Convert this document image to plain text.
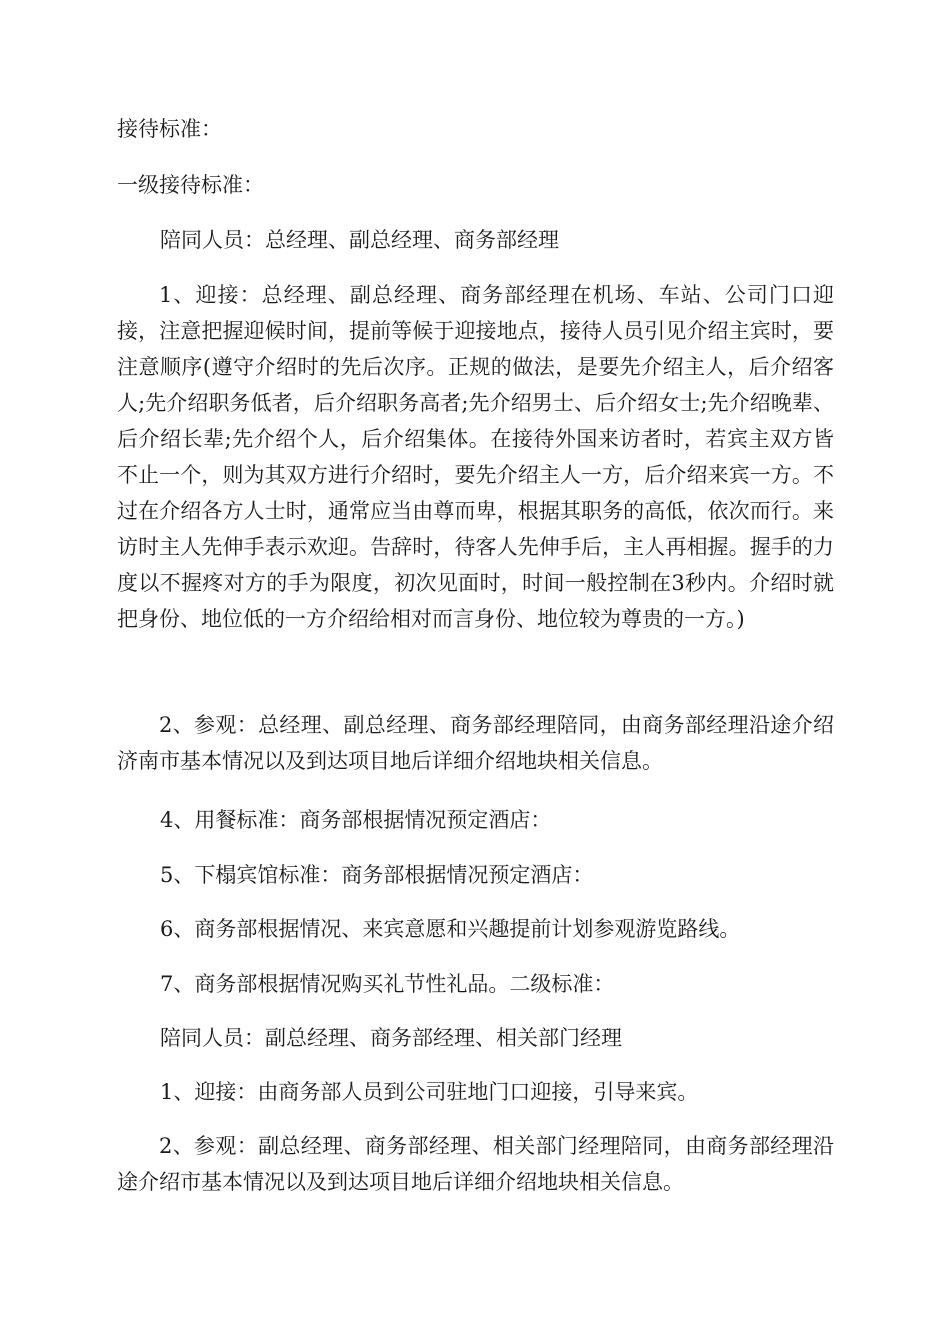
接待标准：

一级接待标准：

陪同人员：总经理、副总经理、商务部经理

1、迎接：总经理、副总经理、商务部经理在机场、车站、公司门口迎接，注意把握迎候时间，提前等候于迎接地点，接待人员引见介绍主宾时，要注意顺序(遵守介绍时的先后次序。正规的做法，是要先介绍主人，后介绍客人;先介绍职务低者，后介绍职务高者;先介绍男士、后介绍女士;先介绍晚辈、后介绍长辈;先介绍个人，后介绍集体。在接待外国来访者时，若宾主双方皆不止一个，则为其双方进行介绍时，要先介绍主人一方，后介绍来宾一方。不过在介绍各方人士时，通常应当由尊而卑，根据其职务的高低，依次而行。来访时主人先伸手表示欢迎。告辞时，待客人先伸手后，主人再相握。握手的力度以不握疼对方的手为限度，初次见面时，时间一般控制在3秒内。介绍时就把身份、地位低的一方介绍给相对而言身份、地位较为尊贵的一方。)

2、参观：总经理、副总经理、商务部经理陪同，由商务部经理沿途介绍济南市基本情况以及到达项目地后详细介绍地块相关信息。

4、用餐标准：商务部根据情况预定酒店：

5、下榻宾馆标准：商务部根据情况预定酒店：

6、商务部根据情况、来宾意愿和兴趣提前计划参观游览路线。

7、商务部根据情况购买礼节性礼品。二级标准：

陪同人员：副总经理、商务部经理、相关部门经理

1、迎接：由商务部人员到公司驻地门口迎接，引导来宾。

2、参观：副总经理、商务部经理、相关部门经理陪同，由商务部经理沿途介绍市基本情况以及到达项目地后详细介绍地块相关信息。
